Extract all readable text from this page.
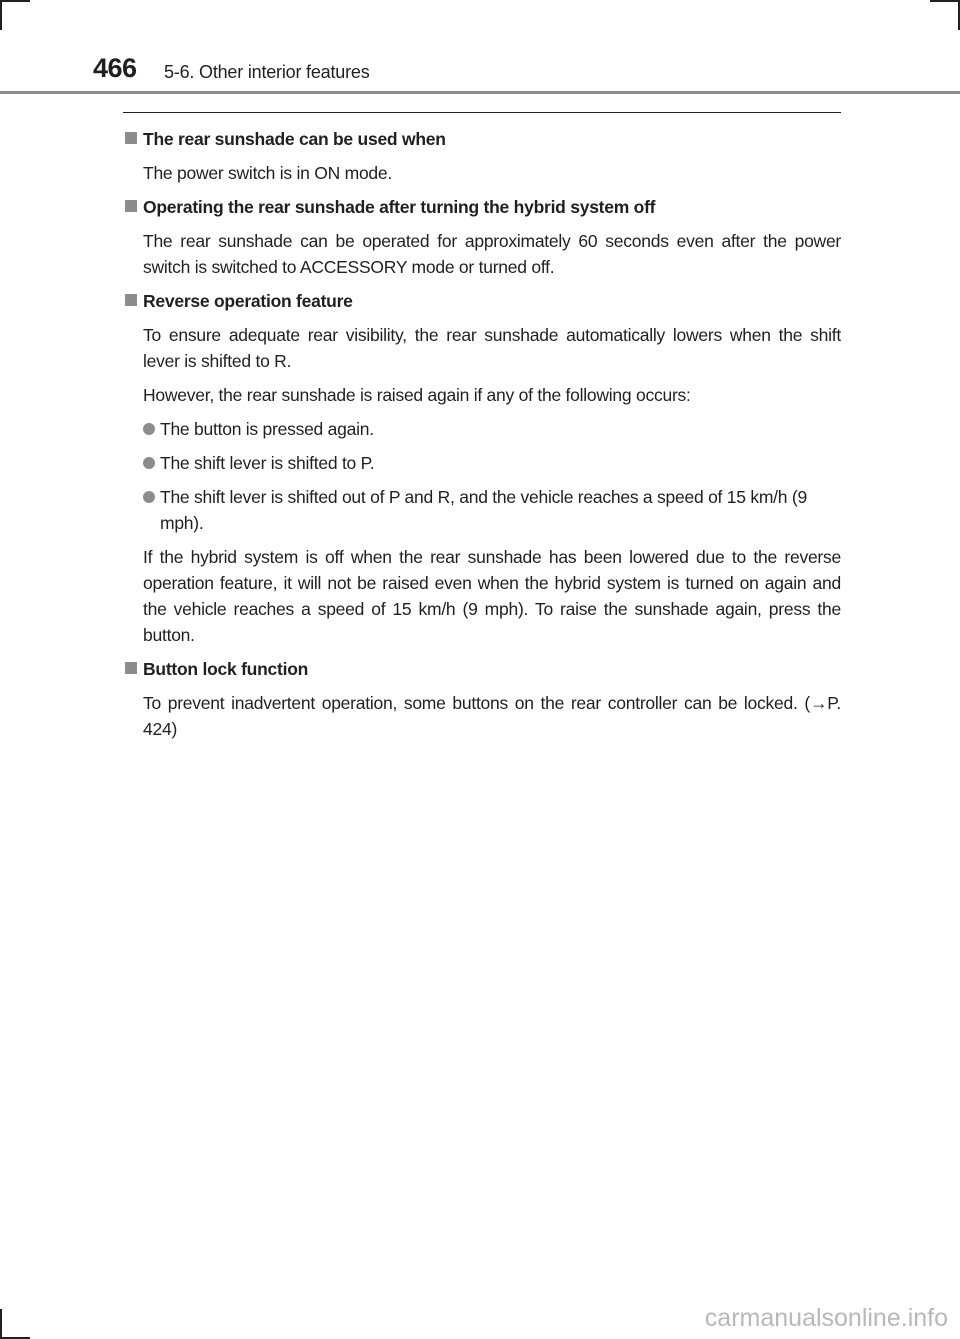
466 5-6. Other interior features
The rear sunshade can be used when
The power switch is in ON mode.
Operating the rear sunshade after turning the hybrid system off
The rear sunshade can be operated for approximately 60 seconds even after the power switch is switched to ACCESSORY mode or turned off.
Reverse operation feature
To ensure adequate rear visibility, the rear sunshade automatically lowers when the shift lever is shifted to R.
However, the rear sunshade is raised again if any of the following occurs:
The button is pressed again.
The shift lever is shifted to P.
The shift lever is shifted out of P and R, and the vehicle reaches a speed of 15 km/h (9 mph).
If the hybrid system is off when the rear sunshade has been lowered due to the reverse operation feature, it will not be raised even when the hybrid system is turned on again and the vehicle reaches a speed of 15 km/h (9 mph). To raise the sunshade again, press the button.
Button lock function
To prevent inadvertent operation, some buttons on the rear controller can be locked. (→P. 424)
carmanualsonline.info
